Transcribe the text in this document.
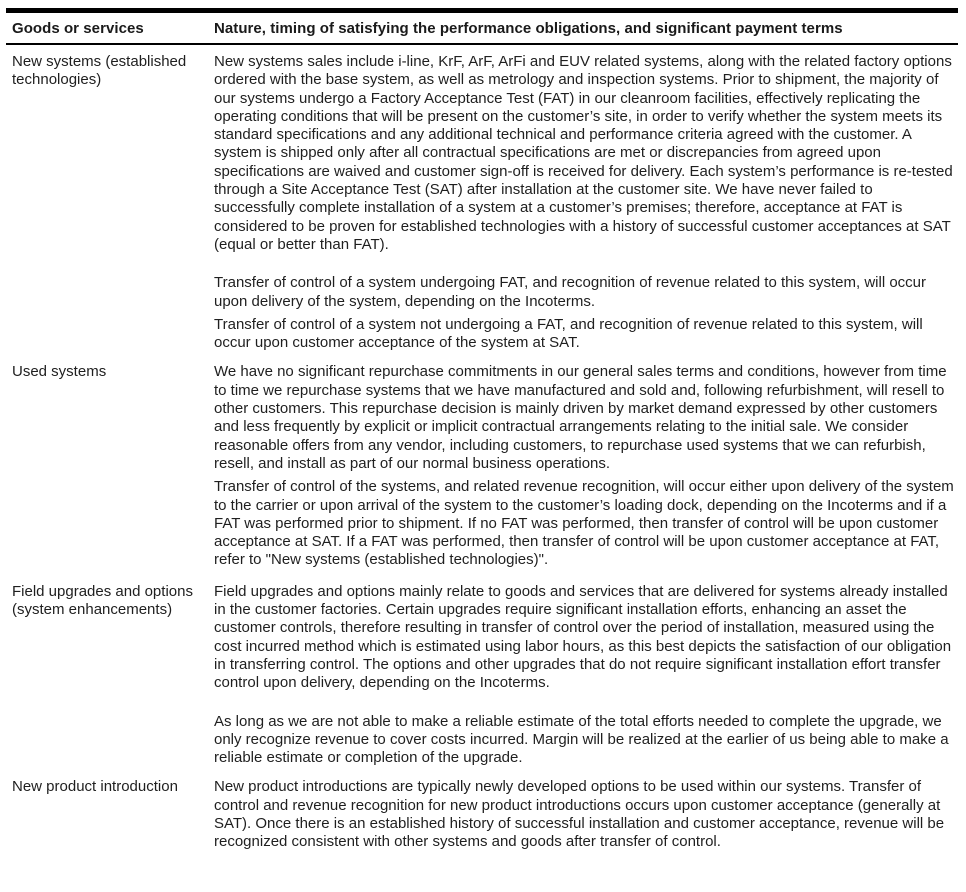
Goods or services	Nature, timing of satisfying the performance obligations, and significant payment terms
New systems (established technologies)	New systems sales include i-line, KrF, ArF, ArFi and EUV related systems, along with the related factory options ordered with the base system, as well as metrology and inspection systems. Prior to shipment, the majority of our systems undergo a Factory Acceptance Test (FAT) in our cleanroom facilities, effectively replicating the operating conditions that will be present on the customer’s site, in order to verify whether the system meets its standard specifications and any additional technical and performance criteria agreed with the customer. A system is shipped only after all contractual specifications are met or discrepancies from agreed upon specifications are waived and customer sign-off is received for delivery. Each system’s performance is re-tested through a Site Acceptance Test (SAT) after installation at the customer site. We have never failed to successfully complete installation of a system at a customer’s premises; therefore, acceptance at FAT is considered to be proven for established technologies with a history of successful customer acceptances at SAT (equal or better than FAT).

Transfer of control of a system undergoing FAT, and recognition of revenue related to this system, will occur upon delivery of the system, depending on the Incoterms.

Transfer of control of a system not undergoing a FAT, and recognition of revenue related to this system, will occur upon customer acceptance of the system at SAT.

Used systems	We have no significant repurchase commitments in our general sales terms and conditions, however from time to time we repurchase systems that we have manufactured and sold and, following refurbishment, will resell to other customers. This repurchase decision is mainly driven by market demand expressed by other customers and less frequently by explicit or implicit contractual arrangements relating to the initial sale. We consider reasonable offers from any vendor, including customers, to repurchase used systems that we can refurbish, resell, and install as part of our normal business operations.

Transfer of control of the systems, and related revenue recognition, will occur either upon delivery of the system to the carrier or upon arrival of the system to the customer’s loading dock, depending on the Incoterms and if a FAT was performed prior to shipment. If no FAT was performed, then transfer of control will be upon customer acceptance at SAT. If a FAT was performed, then transfer of control will be upon customer acceptance at FAT, refer to "New systems (established technologies)".

Field upgrades and options (system enhancements)	Field upgrades and options mainly relate to goods and services that are delivered for systems already installed in the customer factories. Certain upgrades require significant installation efforts, enhancing an asset the customer controls, therefore resulting in transfer of control over the period of installation, measured using the cost incurred method which is estimated using labor hours, as this best depicts the satisfaction of our obligation in transferring control. The options and other upgrades that do not require significant installation effort transfer control upon delivery, depending on the Incoterms.

As long as we are not able to make a reliable estimate of the total efforts needed to complete the upgrade, we only recognize revenue to cover costs incurred. Margin will be realized at the earlier of us being able to make a reliable estimate or completion of the upgrade.

New product introduction	New product introductions are typically newly developed options to be used within our systems. Transfer of control and revenue recognition for new product introductions occurs upon customer acceptance (generally at SAT). Once there is an established history of successful installation and customer acceptance, revenue will be recognized consistent with other systems and goods after transfer of control.
